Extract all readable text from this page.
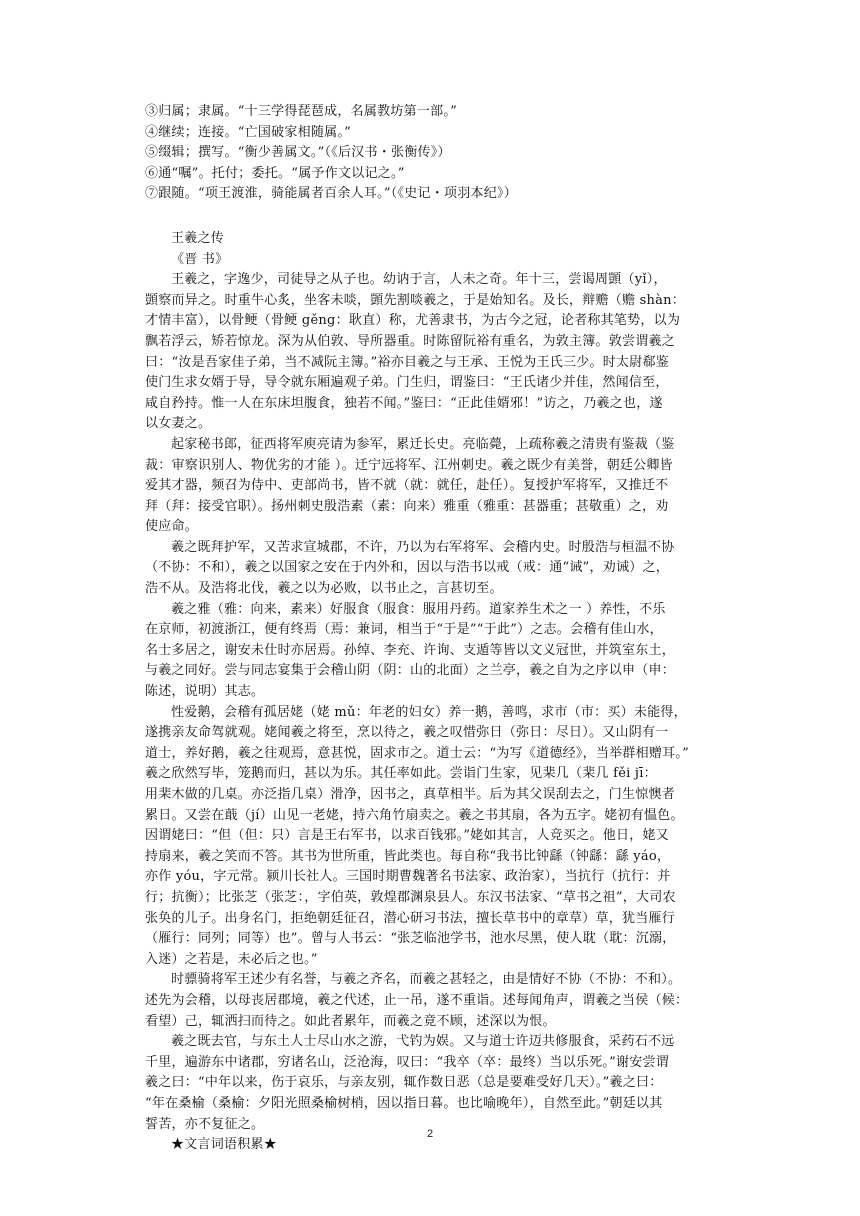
③归属；隶属。“十三学得琵琶成，名属教坊第一部。”
④继续；连接。“亡国破家相随属。”
⑤缀辑；撰写。“衡少善属文。”（《后汉书・张衡传》）
⑥通“嘱”。托付；委托。“属予作文以记之。”
⑦跟随。“项王渡淮，骑能属者百余人耳。”（《史记・项羽本纪》）
王羲之传
《晋 书》
王羲之，字逸少，司徒导之从子也。幼讷于言，人未之奇。年十三，尝谒周顗（yǐ），
顗察而异之。时重牛心炙，坐客未啖，顗先割啖羲之，于是始知名。及长，辩赡（赡 shàn：
才情丰富），以骨鲠（骨鲠 gěng：耿直）称，尤善隶书，为古今之冠，论者称其笔势，以为
飘若浮云，矫若惊龙。深为从伯敦、导所器重。时陈留阮裕有重名，为敦主簿。敦尝谓羲之
曰：“汝是吾家佳子弟，当不减阮主簿。”裕亦目羲之与王承、王悦为王氏三少。时太尉郗鉴
使门生求女婿于导，导令就东厢遍观子弟。门生归，谓鉴曰：“王氏诸少并佳，然闻信至，
咸自矜持。惟一人在东床坦腹食，独若不闻。”鉴曰：“正此佳婿邪！”访之，乃羲之也，遂
以女妻之。
起家秘书郎，征西将军庾亮请为参军，累迁长史。亮临薨，上疏称羲之清贵有鉴裁（鉴
裁：审察识别人、物优劣的才能 ）。迁宁远将军、江州刺史。羲之既少有美誉，朝廷公卿皆
爱其才器，频召为侍中、吏部尚书，皆不就（就：就任，赴任）。复授护军将军，又推迁不
拜（拜：接受官职）。扬州刺史殷浩素（素：向来）雅重（雅重：甚器重；甚敬重）之，劝
使应命。
羲之既拜护军，又苦求宣城郡，不许，乃以为右军将军、会稽内史。时殷浩与桓温不协
（不协：不和），羲之以国家之安在于内外和，因以与浩书以戒（戒：通“诫”，劝诫）之，
浩不从。及浩将北伐，羲之以为必败，以书止之，言甚切至。
羲之雅（雅：向来，素来）好服食（服食：服用丹药。道家养生术之一 ）养性，不乐
在京师，初渡浙江，便有终焉（焉：兼词，相当于“于是”“于此”）之志。会稽有佳山水，
名士多居之，谢安未仕时亦居焉。孙绰、李充、许询、支遁等皆以文义冠世，并筑室东土，
与羲之同好。尝与同志宴集于会稽山阴（阴：山的北面）之兰亭，羲之自为之序以申（申：
陈述，说明）其志。
性爱鹅，会稽有孤居姥（姥 mǔ：年老的妇女）养一鹅，善鸣，求市（市：买）未能得，
遂携亲友命驾就观。姥闻羲之将至，烹以待之，羲之叹惜弥日（弥日：尽日）。又山阴有一
道士，养好鹅，羲之往观焉，意甚悦，固求市之。道士云：“为写《道德经》，当举群相赠耳。”
羲之欣然写毕，笼鹅而归，甚以为乐。其任率如此。尝诣门生家，见棐几（棐几 fěi jī：
用棐木做的几桌。亦泛指几桌）滑净，因书之，真草相半。后为其父误刮去之，门生惊懊者
累日。又尝在蕺（jí）山见一老姥，持六角竹扇卖之。羲之书其扇，各为五字。姥初有愠色。
因谓姥曰：“但（但：只）言是王右军书，以求百钱邪。”姥如其言，人竞买之。他日，姥又
持扇来，羲之笑而不答。其书为世所重，皆此类也。每自称“我书比钟繇（钟繇：繇 yáo，
亦作 yóu，字元常。颍川长社人。三国时期曹魏著名书法家、政治家），当抗行（抗行：并
行；抗衡）；比张芝（张芝：，字伯英，敦煌郡渊泉县人。东汉书法家、“草书之祖”，大司农
张奂的儿子。出身名门，拒绝朝廷征召，潜心研习书法，擅长草书中的章草）草，犹当雁行
（雁行：同列；同等）也”。曾与人书云：“张芝临池学书，池水尽黑，使人耽（耽：沉溺，
入迷）之若是，未必后之也。”
时骠骑将军王述少有名誉，与羲之齐名，而羲之甚轻之，由是情好不协（不协：不和）。
述先为会稽，以母丧居郡境，羲之代述，止一吊，遂不重诣。述每闻角声，谓羲之当侯（候：
看望）己，辄洒扫而待之。如此者累年，而羲之竟不顾，述深以为恨。
羲之既去官，与东土人士尽山水之游，弋钓为娱。又与道士许迈共修服食，采药石不远
千里，遍游东中诸郡，穷诸名山，泛沧海，叹曰：“我卒（卒：最终）当以乐死。”谢安尝谓
羲之曰：“中年以来，伤于哀乐，与亲友别，辄作数日恶（总是要难受好几天）。”羲之曰：
“年在桑榆（桑榆：夕阳光照桑榆树梢，因以指日暮。也比喻晚年），自然至此。”朝廷以其
誓苦，亦不复征之。
★文言词语积累★
2
